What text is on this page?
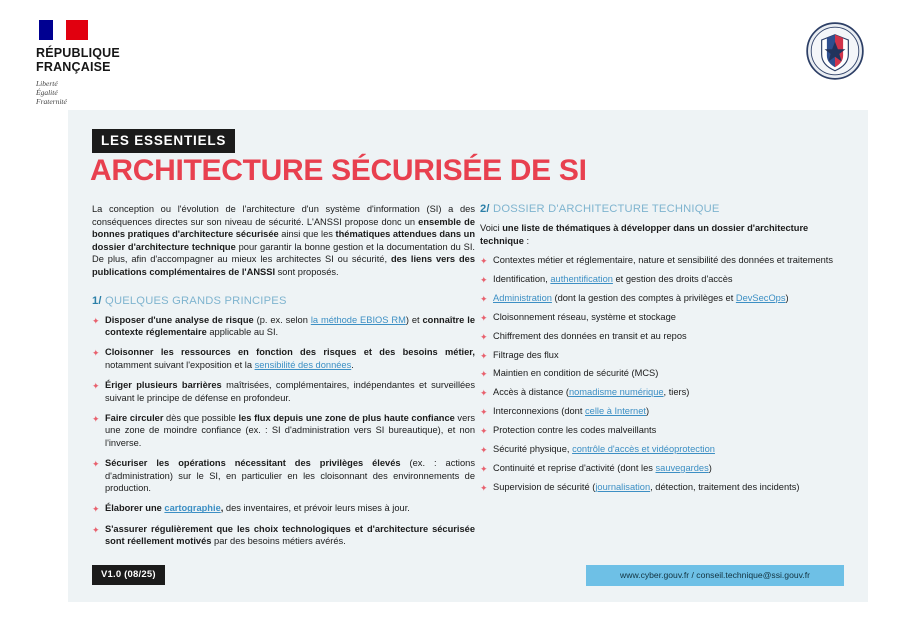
RÉPUBLIQUE
FRANÇAISE
Liberté
Égalité
Fraternité
LES ESSENTIELS
ARCHITECTURE SÉCURISÉE DE SI
La conception ou l'évolution de l'architecture d'un système d'information (SI) a des conséquences directes sur son niveau de sécurité. L'ANSSI propose donc un ensemble de bonnes pratiques d'architecture sécurisée ainsi que les thématiques attendues dans un dossier d'architecture technique pour garantir la bonne gestion et la documentation du SI. De plus, afin d'accompagner au mieux les architectes SI ou sécurité, des liens vers des publications complémentaires de l'ANSSI sont proposés.
1/ QUELQUES GRANDS PRINCIPES
✦ Disposer d'une analyse de risque (p. ex. selon la méthode EBIOS RM) et connaître le contexte réglementaire applicable au SI.
✦ Cloisonner les ressources en fonction des risques et des besoins métier, notamment suivant l'exposition et la sensibilité des données.
✦ Ériger plusieurs barrières maîtrisées, complémentaires, indépendantes et surveillées suivant le principe de défense en profondeur.
✦ Faire circuler dès que possible les flux depuis une zone de plus haute confiance vers une zone de moindre confiance (ex. : SI d'administration vers SI bureautique), et non l'inverse.
✦ Sécuriser les opérations nécessitant des privilèges élevés (ex. : actions d'administration) sur le SI, en particulier en les cloisonnant des environnements de production.
✦ Élaborer une cartographie, des inventaires, et prévoir leurs mises à jour.
✦ S'assurer régulièrement que les choix technologiques et d'architecture sécurisée sont réellement motivés par des besoins métiers avérés.
2/ DOSSIER D'ARCHITECTURE TECHNIQUE
Voici une liste de thématiques à développer dans un dossier d'architecture technique :
✦ Contextes métier et réglementaire, nature et sensibilité des données et traitements
✦ Identification, authentification et gestion des droits d'accès
✦ Administration (dont la gestion des comptes à privilèges et DevSecOps)
✦ Cloisonnement réseau, système et stockage
✦ Chiffrement des données en transit et au repos
✦ Filtrage des flux
✦ Maintien en condition de sécurité (MCS)
✦ Accès à distance (nomadisme numérique, tiers)
✦ Interconnexions (dont celle à Internet)
✦ Protection contre les codes malveillants
✦ Sécurité physique, contrôle d'accès et vidéoprotection
✦ Continuité et reprise d'activité (dont les sauvegardes)
✦ Supervision de sécurité (journalisation, détection, traitement des incidents)
V1.0 (08/25)	www.cyber.gouv.fr / conseil.technique@ssi.gouv.fr
